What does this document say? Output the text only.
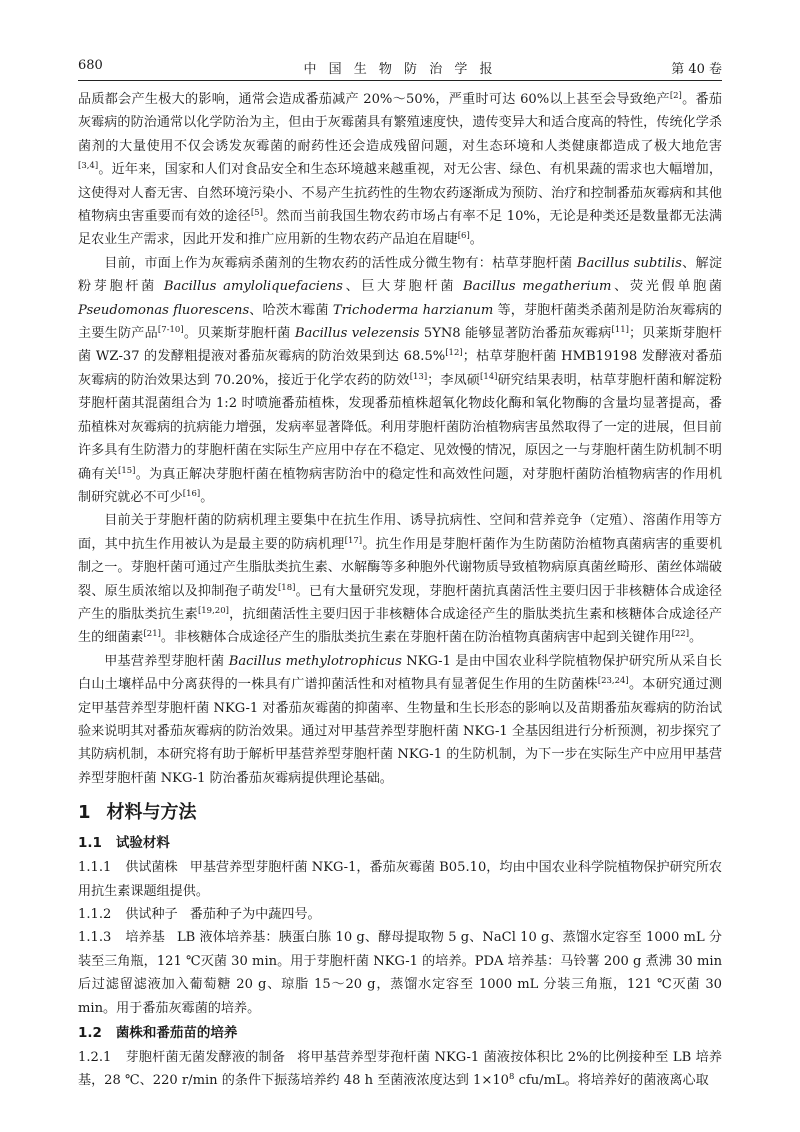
680	中 国 生 物 防 治 学 报	第 40 卷

品质都会产生极大的影响，通常会造成番茄减产 20%～50%，严重时可达 60%以上甚至会导致绝产[2]。番茄灰霉病的防治通常以化学防治为主，但由于灰霉菌具有繁殖速度快，遗传变异大和适合度高的特性，传统化学杀菌剂的大量使用不仅会诱发灰霉菌的耐药性还会造成残留问题，对生态环境和人类健康都造成了极大地危害[3,4]。近年来，国家和人们对食品安全和生态环境越来越重视，对无公害、绿色、有机果蔬的需求也大幅增加，这使得对人畜无害、自然环境污染小、不易产生抗药性的生物农药逐渐成为预防、治疗和控制番茄灰霉病和其他植物病虫害重要而有效的途径[5]。然而当前我国生物农药市场占有率不足 10%，无论是种类还是数量都无法满足农业生产需求，因此开发和推广应用新的生物农药产品迫在眉睫[6]。

目前，市面上作为灰霉病杀菌剂的生物农药的活性成分微生物有：枯草芽胞杆菌 Bacillus subtilis、解淀粉芽胞杆菌 Bacillus amyloliquefaciens、巨大芽胞杆菌 Bacillus megatherium、荧光假单胞菌 Pseudomonas fluorescens、哈茨木霉菌 Trichoderma harzianum 等，芽胞杆菌类杀菌剂是防治灰霉病的主要生防产品[7-10]。贝莱斯芽胞杆菌 Bacillus velezensis 5YN8 能够显著防治番茄灰霉病[11]；贝莱斯芽胞杆菌 WZ-37 的发酵粗提液对番茄灰霉病的防治效果到达 68.5%[12]；枯草芽胞杆菌 HMB19198 发酵液对番茄灰霉病的防治效果达到 70.20%，接近于化学农药的防效[13]；李凤硕[14]研究结果表明，枯草芽胞杆菌和解淀粉芽胞杆菌其混菌组合为 1:2 时喷施番茄植株，发现番茄植株超氧化物歧化酶和氧化物酶的含量均显著提高，番茄植株对灰霉病的抗病能力增强，发病率显著降低。利用芽胞杆菌防治植物病害虽然取得了一定的进展，但目前许多具有生防潜力的芽胞杆菌在实际生产应用中存在不稳定、见效慢的情况，原因之一与芽胞杆菌生防机制不明确有关[15]。为真正解决芽胞杆菌在植物病害防治中的稳定性和高效性问题，对芽胞杆菌防治植物病害的作用机制研究就必不可少[16]。

目前关于芽胞杆菌的防病机理主要集中在抗生作用、诱导抗病性、空间和营养竞争（定殖）、溶菌作用等方面，其中抗生作用被认为是最主要的防病机理[17]。抗生作用是芽胞杆菌作为生防菌防治植物真菌病害的重要机制之一。芽胞杆菌可通过产生脂肽类抗生素、水解酶等多种胞外代谢物质导致植物病原真菌丝畸形、菌丝体端破裂、原生质浓缩以及抑制孢子萌发[18]。已有大量研究发现，芽胞杆菌抗真菌活性主要归因于非核糖体合成途径产生的脂肽类抗生素[19,20]，抗细菌活性主要归因于非核糖体合成途径产生的脂肽类抗生素和核糖体合成途径产生的细菌素[21]。非核糖体合成途径产生的脂肽类抗生素在芽胞杆菌在防治植物真菌病害中起到关键作用[22]。

甲基营养型芽胞杆菌 Bacillus methylotrophicus NKG-1 是由中国农业科学院植物保护研究所从采自长白山土壤样品中分离获得的一株具有广谱抑菌活性和对植物具有显著促生作用的生防菌株[23,24]。本研究通过测定甲基营养型芽胞杆菌 NKG-1 对番茄灰霉菌的抑菌率、生物量和生长形态的影响以及苗期番茄灰霉病的防治试验来说明其对番茄灰霉病的防治效果。通过对甲基营养型芽胞杆菌 NKG-1 全基因组进行分析预测，初步探究了其防病机制，本研究将有助于解析甲基营养型芽胞杆菌 NKG-1 的生防机制，为下一步在实际生产中应用甲基营养型芽胞杆菌 NKG-1 防治番茄灰霉病提供理论基础。

1 材料与方法
1.1 试验材料

1.1.1 供试菌株 甲基营养型芽胞杆菌 NKG-1，番茄灰霉菌 B05.10，均由中国农业科学院植物保护研究所农用抗生素课题组提供。

1.1.2 供试种子 番茄种子为中蔬四号。

1.1.3 培养基 LB 液体培养基：胰蛋白胨 10 g、酵母提取物 5 g、NaCl 10 g、蒸馏水定容至 1000 mL 分装至三角瓶，121 ℃灭菌 30 min。用于芽胞杆菌 NKG-1 的培养。PDA 培养基：马铃薯 200 g 煮沸 30 min 后过滤留滤液加入葡萄糖 20 g、琼脂 15～20 g，蒸馏水定容至 1000 mL 分装三角瓶，121 ℃灭菌 30 min。用于番茄灰霉菌的培养。

1.2 菌株和番茄苗的培养

1.2.1 芽胞杆菌无菌发酵液的制备 将甲基营养型芽孢杆菌 NKG-1 菌液按体积比 2%的比例接种至 LB 培养基，28 ℃、220 r/min 的条件下振荡培养约 48 h 至菌液浓度达到 $1\times 10^8$ cfu/mL。将培养好的菌液离心取
